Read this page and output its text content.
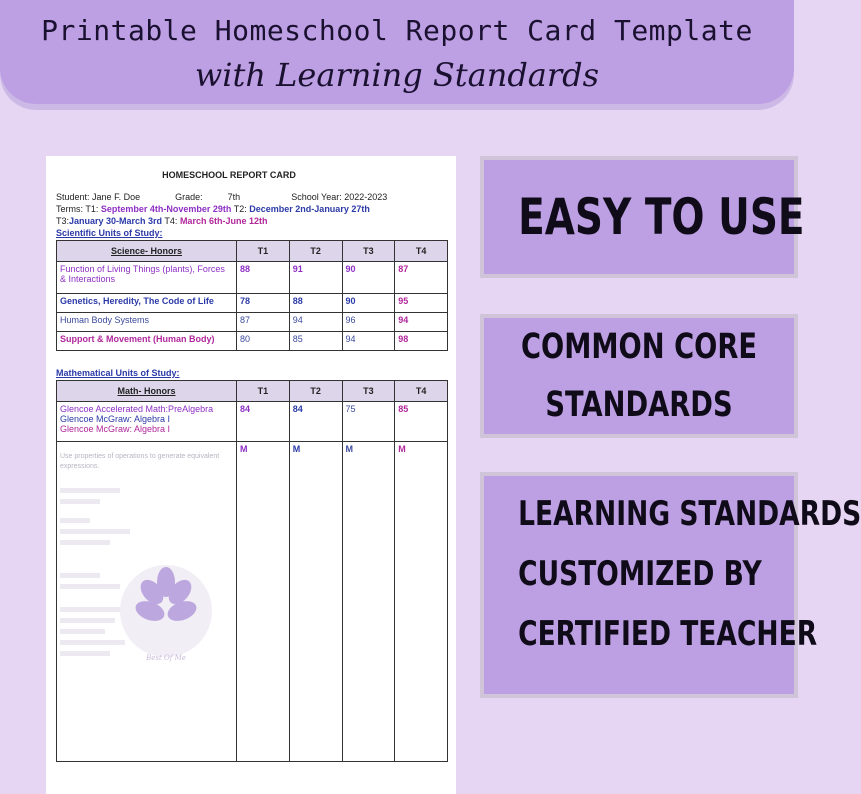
Printable Homeschool Report Card Template
with Learning Standards
HOMESCHOOL REPORT CARD
Student: Jane F. Doe	Grade:	7th	School Year: 2022-2023
Terms: T1: September 4th-November 29th T2: December 2nd-January 27th
T3:January 30-March 3rd T4: March 6th-June 12th
Scientific Units of Study:
Science- Honors	T1	T2	T3	T4
Function of Living Things (plants), Forces & Interactions	88	91	90	87
Genetics, Heredity, The Code of Life	78	88	90	95
Human Body Systems	87	94	96	94
Support & Movement (Human Body)	80	85	94	98
Mathematical Units of Study:
Math- Honors	T1	T2	T3	T4

Glencoe Accelerated Math:PreAlgebra
Glencoe McGraw: Algebra I
Glencoe McGraw: Algebra I	84	84	75	85

Use properties of operations to generate equivalent expressions.	M	M	M	M
Best Of Me
EASY TO USE
COMMON CORE
STANDARDS
LEARNING STANDARDS
CUSTOMIZED BY
CERTIFIED TEACHER
